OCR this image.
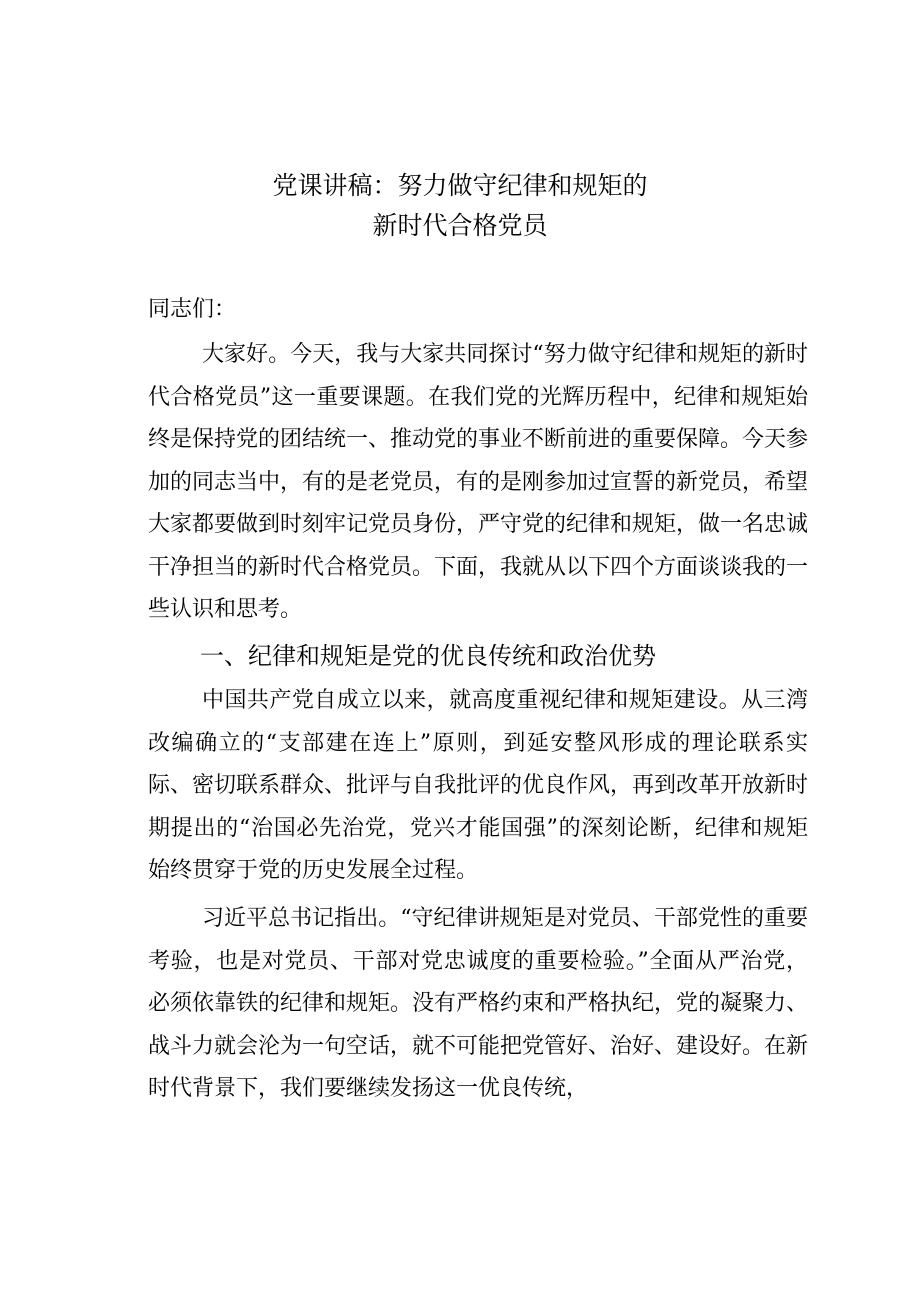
党课讲稿：努力做守纪律和规矩的
新时代合格党员

同志们：

大家好。今天，我与大家共同探讨“努力做守纪律和规矩的新时代合格党员”这一重要课题。在我们党的光辉历程中，纪律和规矩始终是保持党的团结统一、推动党的事业不断前进的重要保障。今天参加的同志当中，有的是老党员，有的是刚参加过宣誓的新党员，希望大家都要做到时刻牢记党员身份，严守党的纪律和规矩，做一名忠诚干净担当的新时代合格党员。下面，我就从以下四个方面谈谈我的一些认识和思考。

一、纪律和规矩是党的优良传统和政治优势

中国共产党自成立以来，就高度重视纪律和规矩建设。从三湾改编确立的“支部建在连上”原则，到延安整风形成的理论联系实际、密切联系群众、批评与自我批评的优良作风，再到改革开放新时期提出的“治国必先治党，党兴才能国强”的深刻论断，纪律和规矩始终贯穿于党的历史发展全过程。

习近平总书记指出。“守纪律讲规矩是对党员、干部党性的重要考验，也是对党员、干部对党忠诚度的重要检验。”全面从严治党，必须依靠铁的纪律和规矩。没有严格约束和严格执纪，党的凝聚力、战斗力就会沦为一句空话，就不可能把党管好、治好、建设好。在新时代背景下，我们要继续发扬这一优良传统，
